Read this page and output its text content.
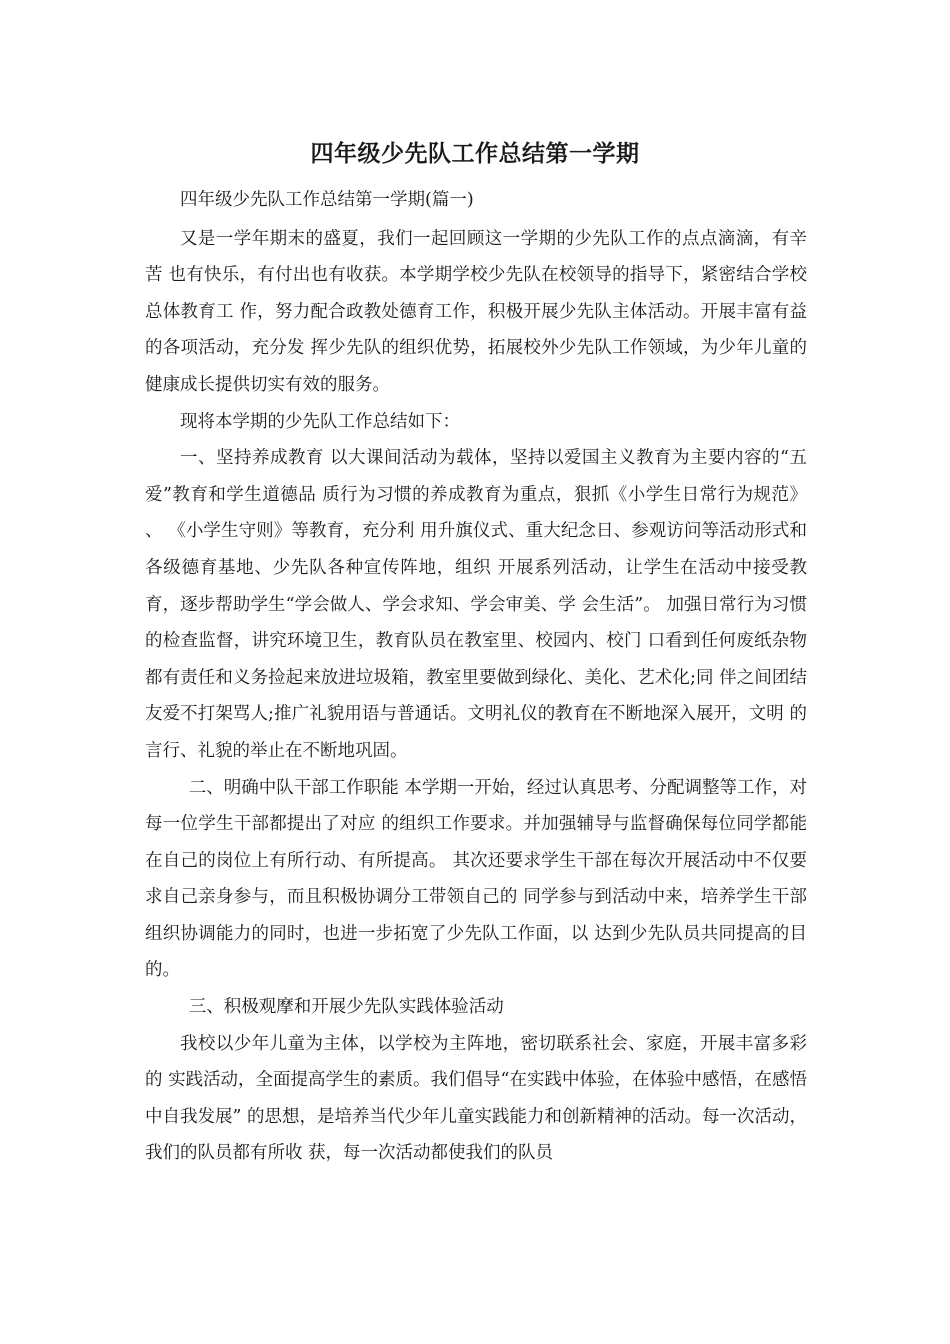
四年级少先队工作总结第一学期

四年级少先队工作总结第一学期(篇一)

又是一学年期末的盛夏，我们一起回顾这一学期的少先队工作的点点滴滴，有辛苦 也有快乐，有付出也有收获。本学期学校少先队在校领导的指导下，紧密结合学校总体教育工 作，努力配合政教处德育工作，积极开展少先队主体活动。开展丰富有益的各项活动，充分发 挥少先队的组织优势，拓展校外少先队工作领域，为少年儿童的健康成长提供切实有效的服务。

现将本学期的少先队工作总结如下：

一、坚持养成教育 以大课间活动为载体，坚持以爱国主义教育为主要内容的“五爱”教育和学生道德品 质行为习惯的养成教育为重点，狠抓《小学生日常行为规范》 、 《小学生守则》等教育，充分利 用升旗仪式、重大纪念日、参观访问等活动形式和各级德育基地、少先队各种宣传阵地，组织 开展系列活动，让学生在活动中接受教育，逐步帮助学生“学会做人、学会求知、学会审美、学 会生活”。 加强日常行为习惯的检查监督，讲究环境卫生，教育队员在教室里、校园内、校门 口看到任何废纸杂物都有责任和义务捡起来放进垃圾箱，教室里要做到绿化、美化、艺术化;同 伴之间团结友爱不打架骂人;推广礼貌用语与普通话。文明礼仪的教育在不断地深入展开，文明 的言行、礼貌的举止在不断地巩固。

二、明确中队干部工作职能 本学期一开始，经过认真思考、分配调整等工作，对每一位学生干部都提出了对应 的组织工作要求。并加强辅导与监督确保每位同学都能在自己的岗位上有所行动、有所提高。 其次还要求学生干部在每次开展活动中不仅要求自己亲身参与，而且积极协调分工带领自己的 同学参与到活动中来，培养学生干部组织协调能力的同时，也进一步拓宽了少先队工作面，以 达到少先队员共同提高的目的。

三、积极观摩和开展少先队实践体验活动

我校以少年儿童为主体，以学校为主阵地，密切联系社会、家庭，开展丰富多彩的 实践活动，全面提高学生的素质。我们倡导“在实践中体验，在体验中感悟，在感悟中自我发展” 的思想，是培养当代少年儿童实践能力和创新精神的活动。每一次活动，我们的队员都有所收 获，每一次活动都使我们的队员
